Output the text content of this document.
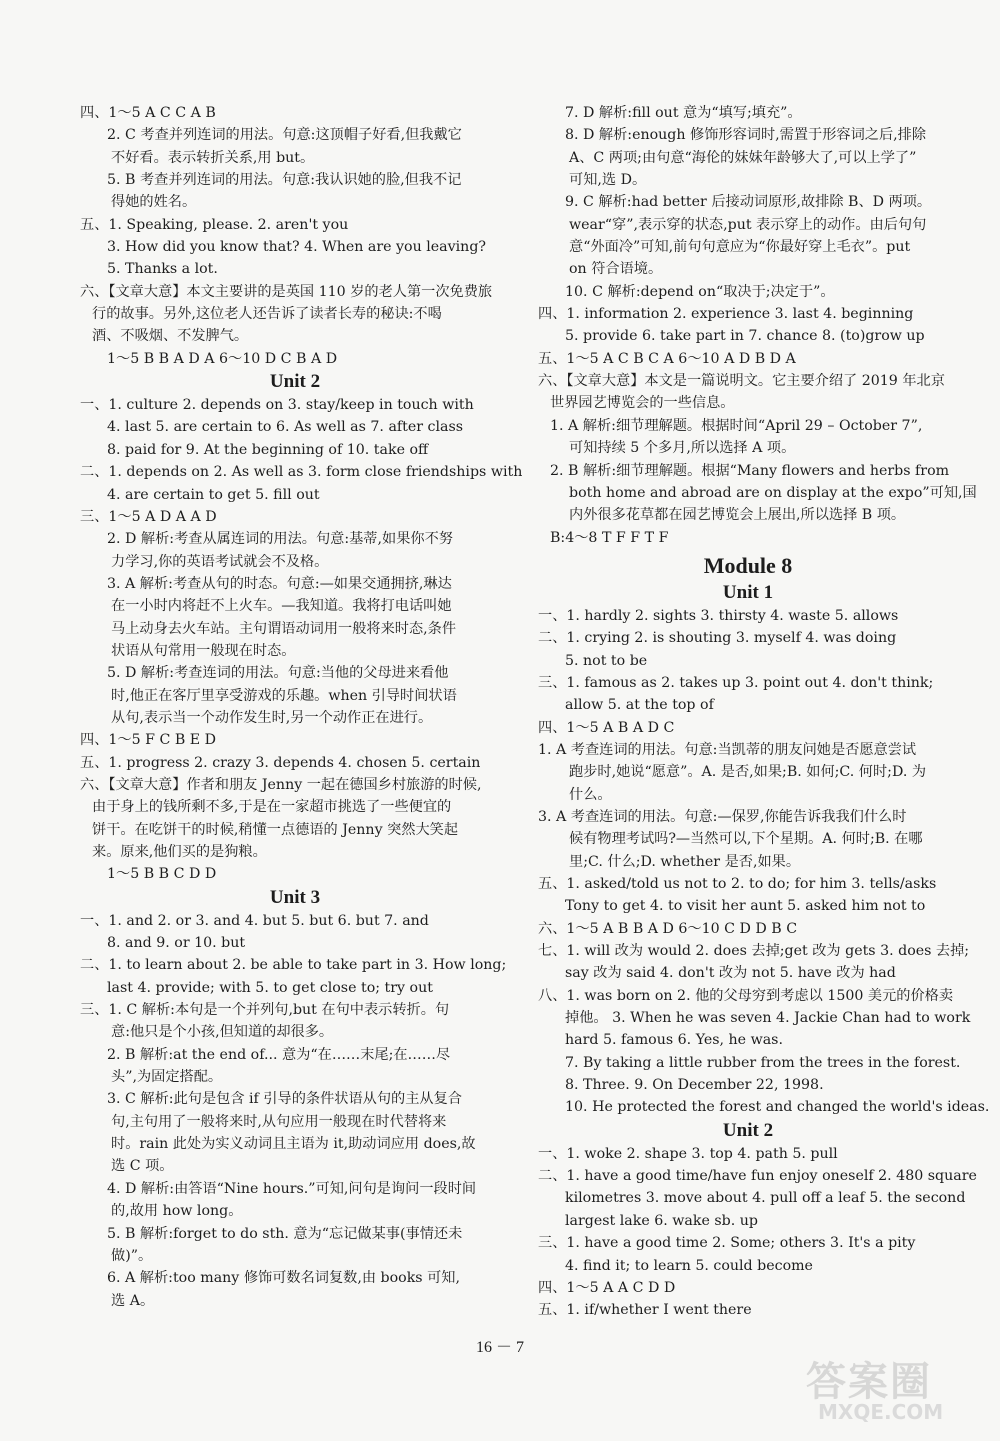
四、1～5 A C C A B
2. C 考查并列连词的用法。句意:这顶帽子好看,但我戴它
不好看。表示转折关系,用 but。
5. B 考查并列连词的用法。句意:我认识她的脸,但我不记
得她的姓名。
五、1. Speaking, please. 2. aren't you
3. How did you know that? 4. When are you leaving?
5. Thanks a lot.
六、【文章大意】本文主要讲的是英国 110 岁的老人第一次免费旅
行的故事。另外,这位老人还告诉了读者长寿的秘诀:不喝
酒、不吸烟、不发脾气。
1～5 B B A D A 6～10 D C B A D
Unit 2
一、1. culture 2. depends on 3. stay/keep in touch with
4. last 5. are certain to 6. As well as 7. after class
8. paid for 9. At the beginning of 10. take off
二、1. depends on 2. As well as 3. form close friendships with
4. are certain to get 5. fill out
三、1～5 A D A A D
2. D 解析:考查从属连词的用法。句意:基蒂,如果你不努
力学习,你的英语考试就会不及格。
3. A 解析:考查从句的时态。句意:—如果交通拥挤,琳达
在一小时内将赶不上火车。—我知道。我将打电话叫她
马上动身去火车站。主句谓语动词用一般将来时态,条件
状语从句常用一般现在时态。
5. D 解析:考查连词的用法。句意:当他的父母进来看他
时,他正在客厅里享受游戏的乐趣。when 引导时间状语
从句,表示当一个动作发生时,另一个动作正在进行。
四、1～5 F C B E D
五、1. progress 2. crazy 3. depends 4. chosen 5. certain
六、【文章大意】作者和朋友 Jenny 一起在德国乡村旅游的时候,
由于身上的钱所剩不多,于是在一家超市挑选了一些便宜的
饼干。在吃饼干的时候,稍懂一点德语的 Jenny 突然大笑起
来。原来,他们买的是狗粮。
1～5 B B C D D
Unit 3
一、1. and 2. or 3. and 4. but 5. but 6. but 7. and
8. and 9. or 10. but
二、1. to learn about 2. be able to take part in 3. How long;
last 4. provide; with 5. to get close to; try out
三、1. C 解析:本句是一个并列句,but 在句中表示转折。句
意:他只是个小孩,但知道的却很多。
2. B 解析:at the end of... 意为“在……末尾;在……尽
头”,为固定搭配。
3. C 解析:此句是包含 if 引导的条件状语从句的主从复合
句,主句用了一般将来时,从句应用一般现在时代替将来
时。rain 此处为实义动词且主语为 it,助动词应用 does,故
选 C 项。
4. D 解析:由答语“Nine hours.”可知,问句是询问一段时间
的,故用 how long。
5. B 解析:forget to do sth. 意为“忘记做某事(事情还未
做)”。
6. A 解析:too many 修饰可数名词复数,由 books 可知,
选 A。
7. D 解析:fill out 意为“填写;填充”。
8. D 解析:enough 修饰形容词时,需置于形容词之后,排除
A、C 两项;由句意“海伦的妹妹年龄够大了,可以上学了”
可知,选 D。
9. C 解析:had better 后接动词原形,故排除 B、D 两项。
wear“穿”,表示穿的状态,put 表示穿上的动作。由后句句
意“外面冷”可知,前句句意应为“你最好穿上毛衣”。put
on 符合语境。
10. C 解析:depend on“取决于;决定于”。
四、1. information 2. experience 3. last 4. beginning
5. provide 6. take part in 7. chance 8. (to)grow up
五、1～5 A C B C A 6～10 A D B D A
六、【文章大意】本文是一篇说明文。它主要介绍了 2019 年北京
世界园艺博览会的一些信息。
1. A 解析:细节理解题。根据时间“April 29 – October 7”,
可知持续 5 个多月,所以选择 A 项。
2. B 解析:细节理解题。根据“Many flowers and herbs from
both home and abroad are on display at the expo”可知,国
内外很多花草都在园艺博览会上展出,所以选择 B 项。
B:4～8 T F F T F
Module 8
Unit 1
一、1. hardly 2. sights 3. thirsty 4. waste 5. allows
二、1. crying 2. is shouting 3. myself 4. was doing
5. not to be
三、1. famous as 2. takes up 3. point out 4. don't think;
allow 5. at the top of
四、1～5 A B A D C
1. A 考查连词的用法。句意:当凯蒂的朋友问她是否愿意尝试
跑步时,她说“愿意”。A. 是否,如果;B. 如何;C. 何时;D. 为
什么。
3. A 考查连词的用法。句意:—保罗,你能告诉我我们什么时
候有物理考试吗?—当然可以,下个星期。A. 何时;B. 在哪
里;C. 什么;D. whether 是否,如果。
五、1. asked/told us not to 2. to do; for him 3. tells/asks
Tony to get 4. to visit her aunt 5. asked him not to
六、1～5 A B B A D 6～10 C D D B C
七、1. will 改为 would 2. does 去掉;get 改为 gets 3. does 去掉;
say 改为 said 4. don't 改为 not 5. have 改为 had
八、1. was born on 2. 他的父母穷到考虑以 1500 美元的价格卖
掉他。 3. When he was seven 4. Jackie Chan had to work
hard 5. famous 6. Yes, he was.
7. By taking a little rubber from the trees in the forest.
8. Three. 9. On December 22, 1998.
10. He protected the forest and changed the world's ideas.
Unit 2
一、1. woke 2. shape 3. top 4. path 5. pull
二、1. have a good time/have fun enjoy oneself 2. 480 square
kilometres 3. move about 4. pull off a leaf 5. the second
largest lake 6. wake sb. up
三、1. have a good time 2. Some; others 3. It's a pity
4. find it; to learn 5. could become
四、1～5 A A C D D
五、1. if/whether I went there
16 － 7
答案圈
MXQE.COM
